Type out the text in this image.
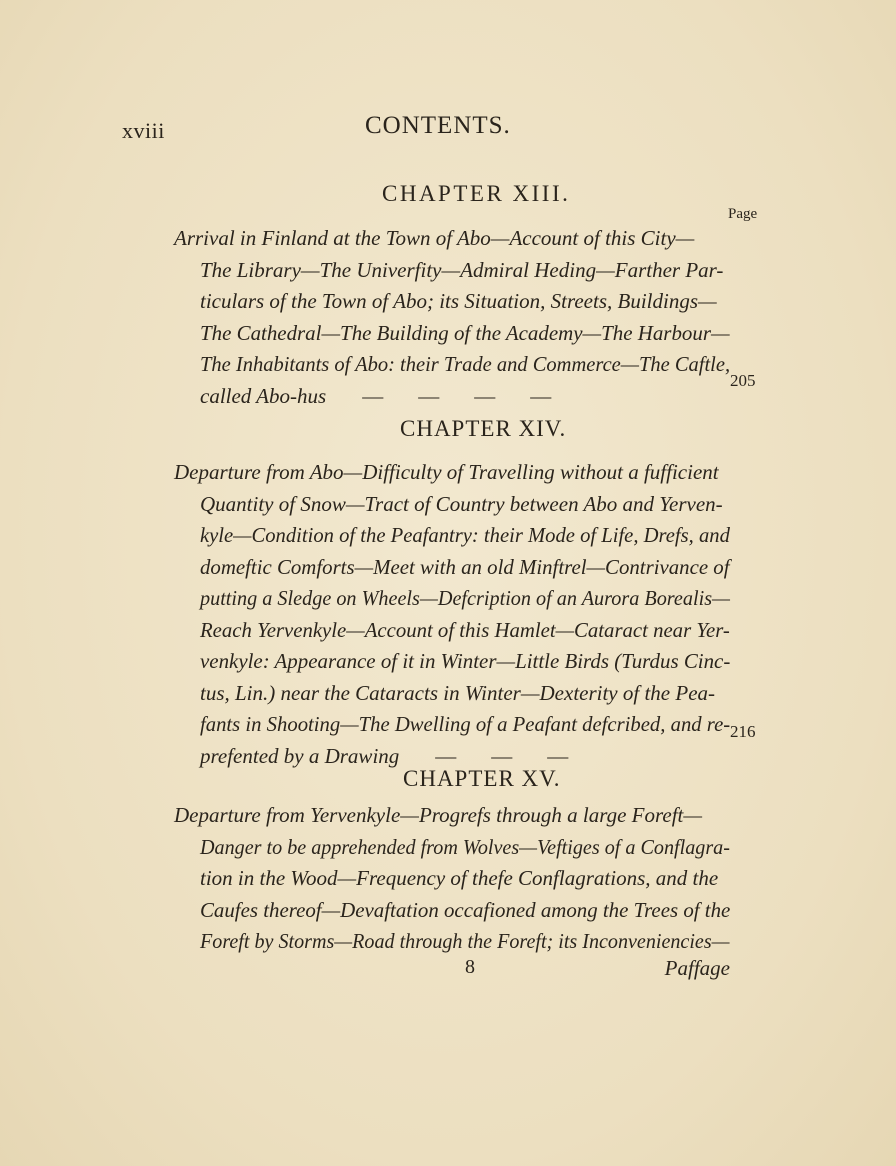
xviii	CONTENTS.
CHAPTER XIII.
Page
Arrival in Finland at the Town of Abo—Account of this City—
The Library—The Univerfity—Admiral Heding—Farther Par-
ticulars of the Town of Abo; its Situation, Streets, Buildings—
The Cathedral—The Building of the Academy—The Harbour—
The Inhabitants of Abo: their Trade and Commerce—The Caftle,
called Abo-hus — — — —
205
CHAPTER XIV.
Departure from Abo—Difficulty of Travelling without a fufficient
Quantity of Snow—Tract of Country between Abo and Yerven-
kyle—Condition of the Peafantry: their Mode of Life, Drefs, and
domeftic Comforts—Meet with an old Minftrel—Contrivance of
putting a Sledge on Wheels—Defcription of an Aurora Borealis—
Reach Yervenkyle—Account of this Hamlet—Cataract near Yer-
venkyle: Appearance of it in Winter—Little Birds (Turdus Cinc-
tus, Lin.) near the Cataracts in Winter—Dexterity of the Pea-
fants in Shooting—The Dwelling of a Peafant defcribed, and re-
prefented by a Drawing — — —
216
CHAPTER XV.
Departure from Yervenkyle—Progrefs through a large Foreft—
Danger to be apprehended from Wolves—Veftiges of a Conflagra-
tion in the Wood—Frequency of thefe Conflagrations, and the
Caufes thereof—Devaftation occafioned among the Trees of the
Foreft by Storms—Road through the Foreft; its Inconveniencies—
8	Paffage
